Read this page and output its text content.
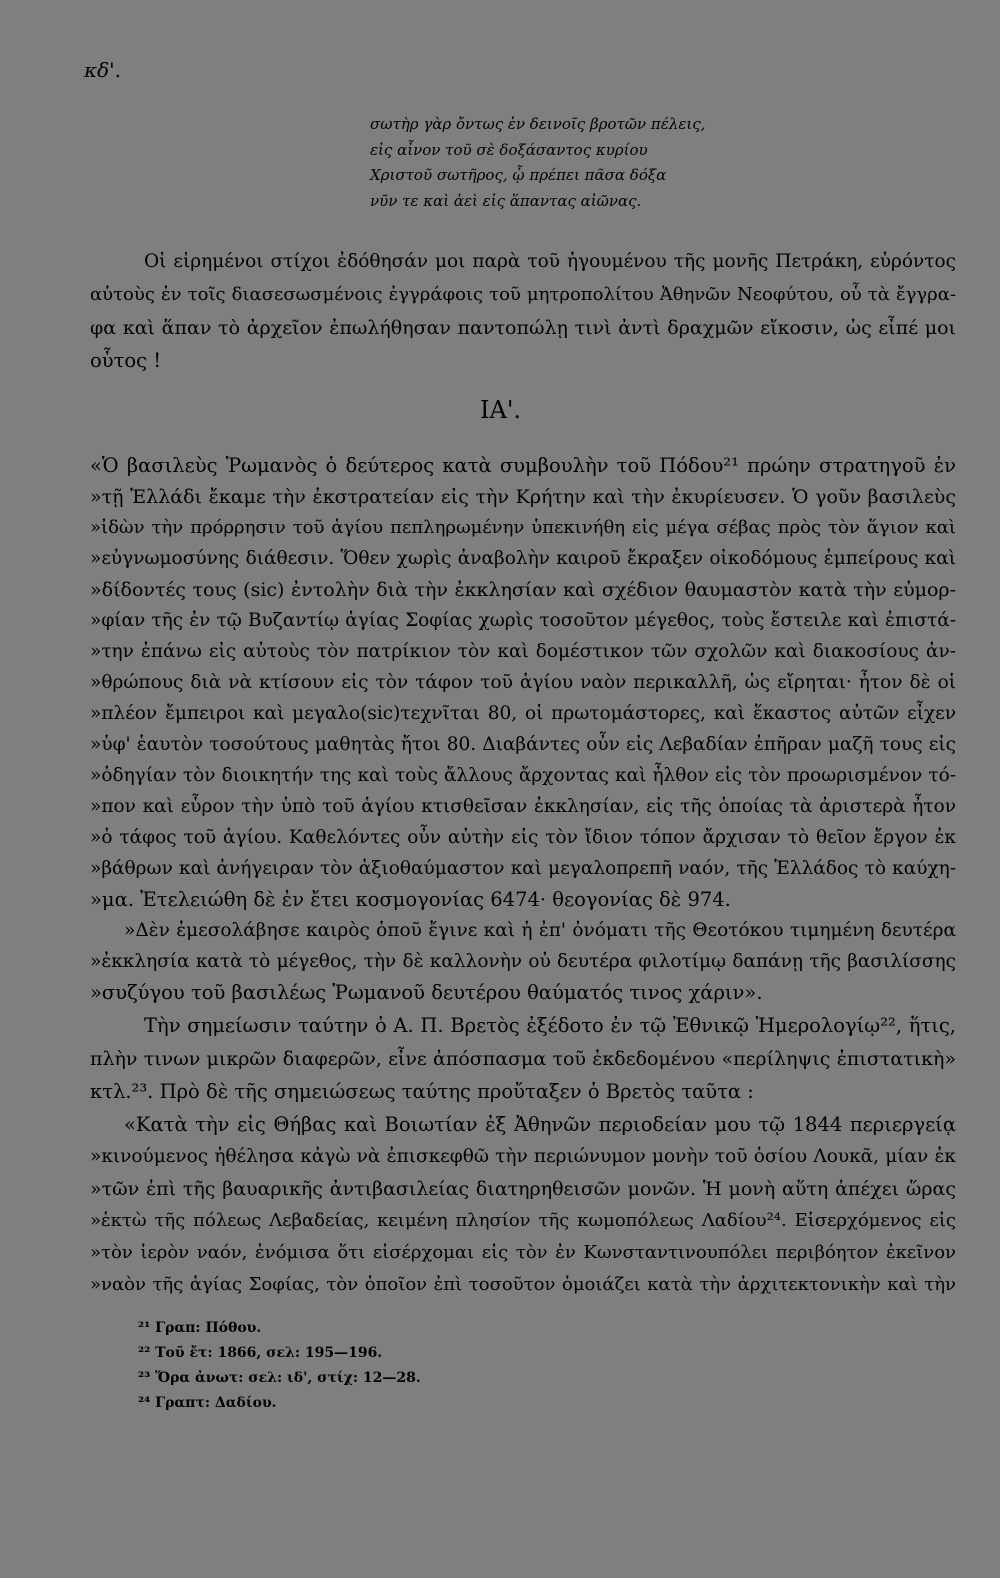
κδ'.
σωτὴρ γὰρ ὄντως ἐν δεινοῖς βροτῶν πέλεις,
εἰς αἶνον τοῦ σὲ δοξάσαντος κυρίου
Χριστοῦ σωτῆρος, ᾧ πρέπει πᾶσα δόξα
νῦν τε καὶ ἀεὶ εἰς ἅπαντας αἰῶνας.
Οἱ εἰρημένοι στίχοι ἐδόθησάν μοι παρὰ τοῦ ἡγουμένου τῆς μονῆς Πετράκη, εὑρόντος
αὐτοὺς ἐν τοῖς διασεσωσμένοις ἐγγράφοις τοῦ μητροπολίτου Ἀθηνῶν Νεοφύτου, οὗ τὰ ἔγγρα-
φα καὶ ἅπαν τὸ ἀρχεῖον ἐπωλήθησαν παντοπώλῃ τινὶ ἀντὶ δραχμῶν εἴκοσιν, ὡς εἶπέ μοι
οὗτος !
ΙΑ'.
«Ὁ βασιλεὺς Ῥωμανὸς ὁ δεύτερος κατὰ συμβουλὴν τοῦ Πόδου²¹ πρώην στρατηγοῦ ἐν
»τῇ Ἑλλάδι ἔκαμε τὴν ἐκστρατείαν εἰς τὴν Κρήτην καὶ τὴν ἐκυρίευσεν. Ὁ γοῦν βασιλεὺς
»ἰδὼν τὴν πρόρρησιν τοῦ ἁγίου πεπληρωμένην ὑπεκινήθη εἰς μέγα σέβας πρὸς τὸν ἅγιον καὶ
»εὐγνωμοσύνης διάθεσιν. Ὅθεν χωρὶς ἀναβολὴν καιροῦ ἔκραξεν οἰκοδόμους ἐμπείρους καὶ
»δίδοντές τους (sic) ἐντολὴν διὰ τὴν ἐκκλησίαν καὶ σχέδιον θαυμαστὸν κατὰ τὴν εὐμορ-
»φίαν τῆς ἐν τῷ Βυζαντίῳ ἁγίας Σοφίας χωρὶς τοσοῦτον μέγεθος, τοὺς ἔστειλε καὶ ἐπιστά-
»την ἐπάνω εἰς αὐτοὺς τὸν πατρίκιον τὸν καὶ δομέστικον τῶν σχολῶν καὶ διακοσίους ἀν-
»θρώπους διὰ νὰ κτίσουν εἰς τὸν τάφον τοῦ ἁγίου ναὸν περικαλλῆ, ὡς εἴρηται· ἦτον δὲ οἱ
»πλέον ἔμπειροι καὶ μεγαλο(sic)τεχνῖται 80, οἱ πρωτομάστορες, καὶ ἕκαστος αὐτῶν εἶχεν
»ὑφ' ἑαυτὸν τοσούτους μαθητὰς ἤτοι 80. Διαβάντες οὖν εἰς Λεβαδίαν ἐπῆραν μαζῆ τους εἰς
»ὁδηγίαν τὸν διοικητήν της καὶ τοὺς ἄλλους ἄρχοντας καὶ ἦλθον εἰς τὸν προωρισμένον τό-
»πον καὶ εὗρον τὴν ὑπὸ τοῦ ἁγίου κτισθεῖσαν ἐκκλησίαν, εἰς τῆς ὁποίας τὰ ἀριστερὰ ἦτον
»ὁ τάφος τοῦ ἁγίου. Καθελόντες οὖν αὐτὴν εἰς τὸν ἴδιον τόπον ἄρχισαν τὸ θεῖον ἔργον ἐκ
»βάθρων καὶ ἀνήγειραν τὸν ἀξιοθαύμαστον καὶ μεγαλοπρεπῆ ναόν, τῆς Ἑλλάδος τὸ καύχη-
»μα. Ἐτελειώθη δὲ ἐν ἔτει κοσμογονίας 6474· θεογονίας δὲ 974.
»Δὲν ἐμεσολάβησε καιρὸς ὁποῦ ἔγινε καὶ ἡ ἐπ' ὀνόματι τῆς Θεοτόκου τιμημένη δευτέρα
»ἐκκλησία κατὰ τὸ μέγεθος, τὴν δὲ καλλονὴν οὐ δευτέρα φιλοτίμῳ δαπάνῃ τῆς βασιλίσσης
»συζύγου τοῦ βασιλέως Ῥωμανοῦ δευτέρου θαύματός τινος χάριν».
Τὴν σημείωσιν ταύτην ὁ Α. Π. Βρετὸς ἐξέδοτο ἐν τῷ Ἐθνικῷ Ἡμερολογίῳ²², ἥτις,
πλὴν τινων μικρῶν διαφερῶν, εἶνε ἀπόσπασμα τοῦ ἐκδεδομένου «περίληψις ἐπιστατικὴ»
κτλ.²³. Πρὸ δὲ τῆς σημειώσεως ταύτης προὔταξεν ὁ Βρετὸς ταῦτα :
«Κατὰ τὴν εἰς Θήβας καὶ Βοιωτίαν ἐξ Ἀθηνῶν περιοδείαν μου τῷ 1844 περιεργείᾳ
»κινούμενος ἠθέλησα κἀγὼ νὰ ἐπισκεφθῶ τὴν περιώνυμον μονὴν τοῦ ὁσίου Λουκᾶ, μίαν ἐκ
»τῶν ἐπὶ τῆς βαυαρικῆς ἀντιβασιλείας διατηρηθεισῶν μονῶν. Ἡ μονὴ αὕτη ἀπέχει ὥρας
»ἑκτὼ τῆς πόλεως Λεβαδείας, κειμένη πλησίον τῆς κωμοπόλεως Λαδίου²⁴. Εἰσερχόμενος εἰς
»τὸν ἱερὸν ναόν, ἐνόμισα ὅτι εἰσέρχομαι εἰς τὸν ἐν Κωνσταντινουπόλει περιβόητον ἐκεῖνον
»ναὸν τῆς ἁγίας Σοφίας, τὸν ὁποῖον ἐπὶ τοσοῦτον ὁμοιάζει κατὰ τὴν ἀρχιτεκτονικὴν καὶ τὴν
²¹ Γραπ: Πόθου.
²² Τοῦ ἔτ: 1866, σελ: 195—196.
²³ Ὅρα ἀνωτ: σελ: ιδ', στίχ: 12—28.
²⁴ Γραπτ: Δαδίου.
